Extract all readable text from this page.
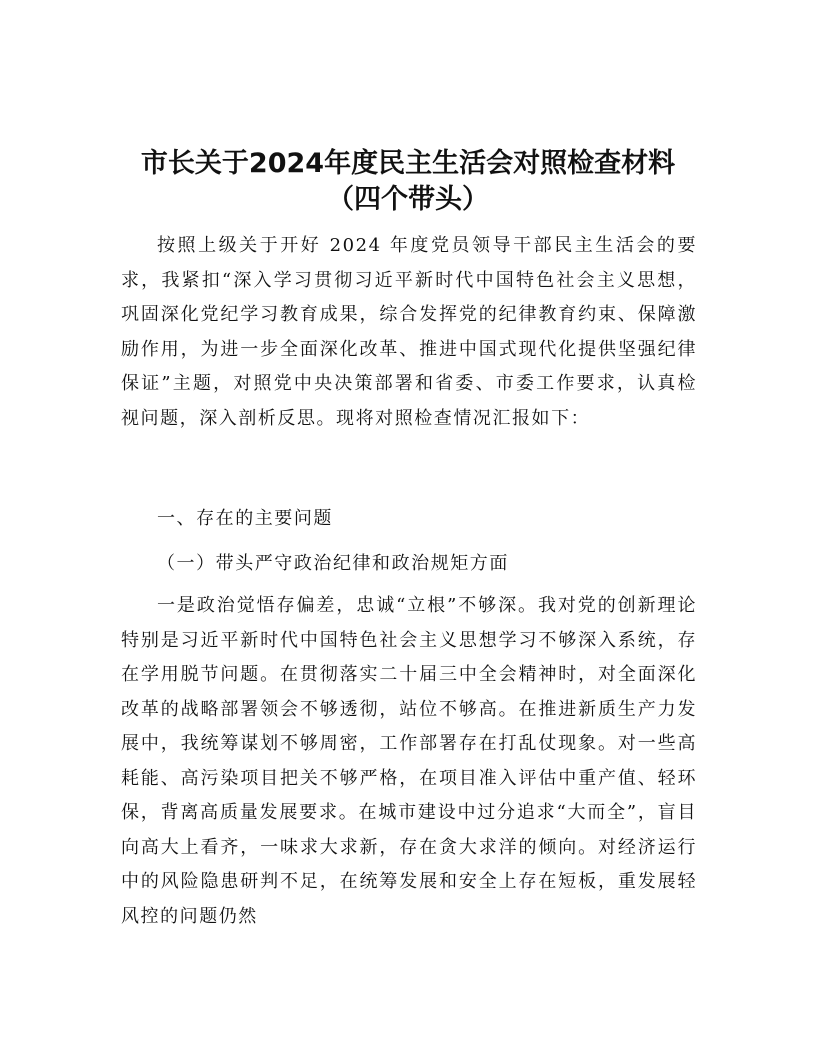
市长关于2024年度民主生活会对照检查材料
（四个带头）

按照上级关于开好 2024 年度党员领导干部民主生活会的要求，我紧扣“深入学习贯彻习近平新时代中国特色社会主义思想，巩固深化党纪学习教育成果，综合发挥党的纪律教育约束、保障激励作用，为进一步全面深化改革、推进中国式现代化提供坚强纪律保证”主题，对照党中央决策部署和省委、市委工作要求，认真检视问题，深入剖析反思。现将对照检查情况汇报如下：

一、存在的主要问题

（一）带头严守政治纪律和政治规矩方面

一是政治觉悟存偏差，忠诚“立根”不够深。我对党的创新理论特别是习近平新时代中国特色社会主义思想学习不够深入系统，存在学用脱节问题。在贯彻落实二十届三中全会精神时，对全面深化改革的战略部署领会不够透彻，站位不够高。在推进新质生产力发展中，我统筹谋划不够周密，工作部署存在打乱仗现象。对一些高耗能、高污染项目把关不够严格，在项目准入评估中重产值、轻环保，背离高质量发展要求。在城市建设中过分追求“大而全”，盲目向高大上看齐，一味求大求新，存在贪大求洋的倾向。对经济运行中的风险隐患研判不足，在统筹发展和安全上存在短板，重发展轻风控的问题仍然
